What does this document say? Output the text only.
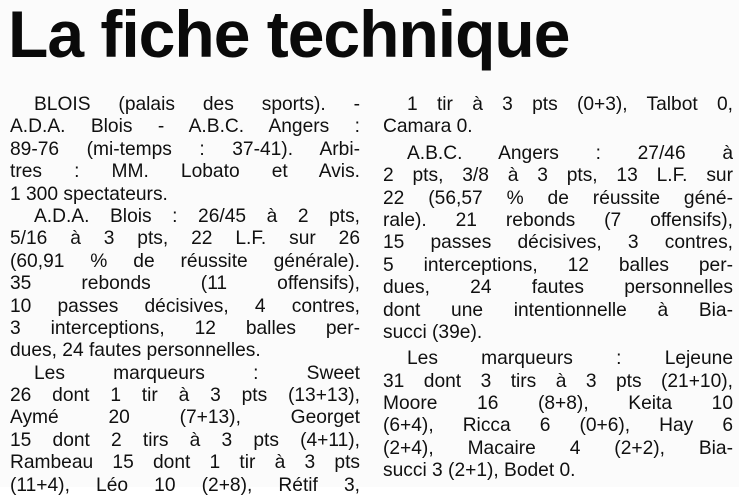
La fiche technique
BLOIS (palais des sports). -
A.D.A. Blois - A.B.C. Angers :
89-76 (mi-temps : 37-41). Arbi-
tres : MM. Lobato et Avis.
1 300 spectateurs.
A.D.A. Blois : 26/45 à 2 pts,
5/16 à 3 pts, 22 L.F. sur 26
(60,91 % de réussite générale).
35 rebonds (11 offensifs),
10 passes décisives, 4 contres,
3 interceptions, 12 balles per-
dues, 24 fautes personnelles.
Les marqueurs : Sweet
26 dont 1 tir à 3 pts (13+13),
Aymé 20 (7+13), Georget
15 dont 2 tirs à 3 pts (4+11),
Rambeau 15 dont 1 tir à 3 pts
(11+4), Léo 10 (2+8), Rétif 3,
1 tir à 3 pts (0+3), Talbot 0,
Camara 0.
A.B.C. Angers : 27/46 à
2 pts, 3/8 à 3 pts, 13 L.F. sur
22 (56,57 % de réussite géné-
rale). 21 rebonds (7 offensifs),
15 passes décisives, 3 contres,
5 interceptions, 12 balles per-
dues, 24 fautes personnelles
dont une intentionnelle à Bia-
succi (39e).
Les marqueurs : Lejeune
31 dont 3 tirs à 3 pts (21+10),
Moore 16 (8+8), Keita 10
(6+4), Ricca 6 (0+6), Hay 6
(2+4), Macaire 4 (2+2), Bia-
succi 3 (2+1), Bodet 0.
